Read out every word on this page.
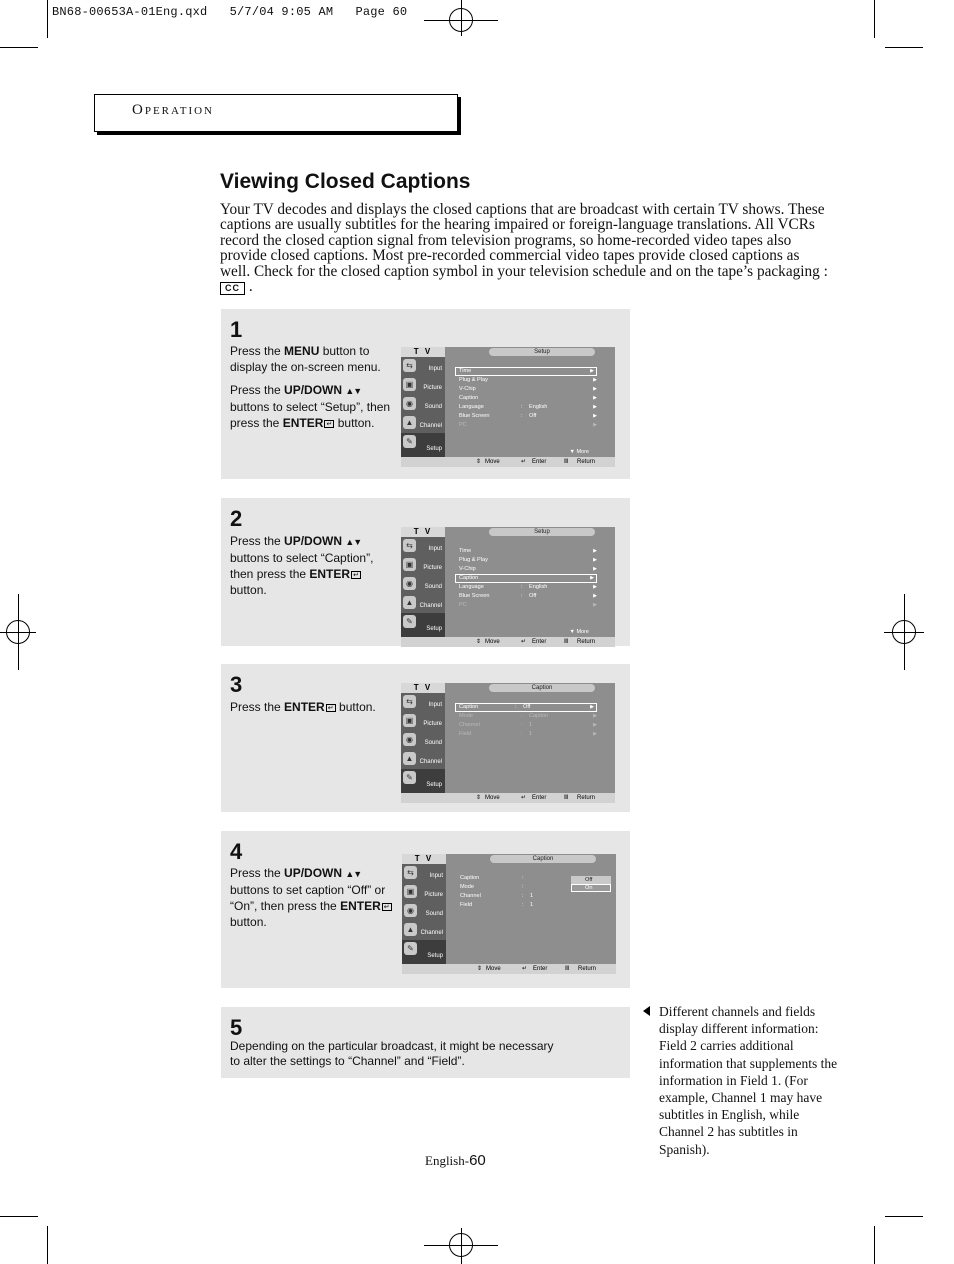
BN68-00653A-01Eng.qxd   5/7/04 9:05 AM   Page 60
Operation
Viewing Closed Captions
Your TV decodes and displays the closed captions that are broadcast with certain TV shows. These captions are usually subtitles for the hearing impaired or foreign-language translations. All VCRs record the closed caption signal from television programs, so home-recorded video tapes also provide closed captions. Most pre-recorded commercial video tapes provide closed captions as well. Check for the closed caption symbol in your television schedule and on the tape’s packaging : CC .
1

Press the MENU button to display the on-screen menu.

Press the UP/DOWN ▲▼ buttons to select “Setup”, then press the ENTER ↵ button.

T V	Setup
⇆	Input
▣	Picture
◉	Sound
▲	Channel
✎
Setup
Time	▶
Plug & Play	▶
V-Chip	▶
Caption	▶
Language	: English	▶
Blue Screen	: Off	▶
PC	▶
▼ More
⇕ Move	↵ Enter	Ⅲ Return
2

Press the UP/DOWN ▲▼ buttons to select “Caption”, then press the ENTER ↵ button.

T V	Setup
⇆	Input
▣	Picture
◉	Sound
▲	Channel
✎
Setup
Time	▶
Plug & Play	▶
V-Chip	▶
Caption	▶
Language	: English	▶
Blue Screen	: Off	▶
PC	▶
▼ More
⇕ Move	↵ Enter	Ⅲ Return
3

Press the ENTER ↵ button.

T V	Caption
⇆	Input
▣	Picture
◉	Sound
▲	Channel
✎
Setup
Caption	: Off	▶
Mode	: Caption	▶
Channel	: 1	▶
Field	: 1	▶
⇕ Move	↵ Enter	Ⅲ Return
4

Press the UP/DOWN ▲▼ buttons to set caption “Off” or “On”, then press the ENTER ↵ button.

T V	Caption
⇆	Input
▣	Picture
◉	Sound
▲	Channel
✎
Setup
Caption	:
Mode	:
Channel	: 1
Field	: 1
Off
On
⇕ Move	↵ Enter	Ⅲ Return
5
Depending on the particular broadcast, it might be necessary to alter the settings to “Channel” and “Field”.
Different channels and fields display different information: Field 2 carries additional information that supplements the information in Field 1. (For example, Channel 1 may have subtitles in English, while Channel 2 has subtitles in Spanish).
English-60
